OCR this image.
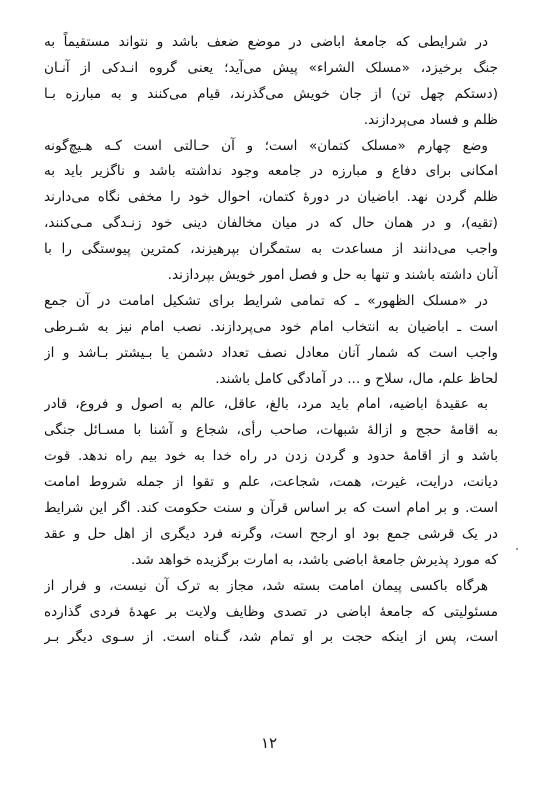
در شرایطی که جامعهٔ اباضی در موضع ضعف باشد و نتواند مستقیماً به
جنگ برخیزد، «مسلک الشراء» پیش می‌آید؛ یعنی گروه انـدکی از آنـان
(دستکم چهل تن) از جان خویش می‌گذرند، قیام می‌کنند و به مبارزه بـا
ظلم و فساد می‌پردازند.
وضع چهارم «مسلک کتمان» است؛ و آن حـالتی است کـه هـیچ‌گونه
امکانی برای دفاع و مبارزه در جامعه وجود نداشته باشد و ناگزیر باید به
ظلم گردن نهد. اباضیان در دورهٔ کتمان، احوال خود را مخفی نگاه می‌دارند
(تقیه)، و در همان حال که در میان مخالفان دینی خود زنـدگی مـی‌کنند،
واجب می‌دانند از مساعدت به ستمگران بپرهیزند، کمترین پیوستگی را با
آنان داشته باشند و تنها به حل و فصل امور خویش بپردازند.
در «مسلک الظهور» ـ که تمامی شرایط برای تشکیل امامت در آن جمع
است ـ اباضیان به انتخاب امام خود می‌پردازند. نصب امام نیز به شـرطی
واجب است که شمار آنان معادل نصف تعداد دشمن یا بـیشتر بـاشد و از
لحاظ علم، مال، سلاح و ... در آمادگی کامل باشند.
به عقیدهٔ اباضیه، امام باید مرد، بالغ، عاقل، عالم به اصول و فروع، قادر
به اقامهٔ حجج و ازالهٔ شبهات، صاحب رأی، شجاع و آشنا با مسـائل جنگی
باشد و از اقامهٔ حدود و گردن زدن در راه خدا به خود بیم راه ندهد. قوت
دیانت، درایت، غیرت، همت، شجاعت، علم و تقوا از جمله شروط امامت
است. و بر امام است که بر اساس قرآن و سنت حکومت کند. اگر این شرایط
در یک قرشی جمع بود او ارجح است، وگرنه فرد دیگری از اهل حل و عقد
که مورد پذیرش جامعهٔ اباضی باشد، به امارت برگزیده خواهد شد.
هرگاه باکسی پیمان امامت بسته شد، مجاز به ترک آن نیست، و فرار از
مسئولیتی که جامعهٔ اباضی در تصدی وظایف ولایت بر عهدهٔ فردی گذارده
است، پس از اینکه حجت بر او تمام شد، گـناه است. از سـوی دیگر بـر
١٢
